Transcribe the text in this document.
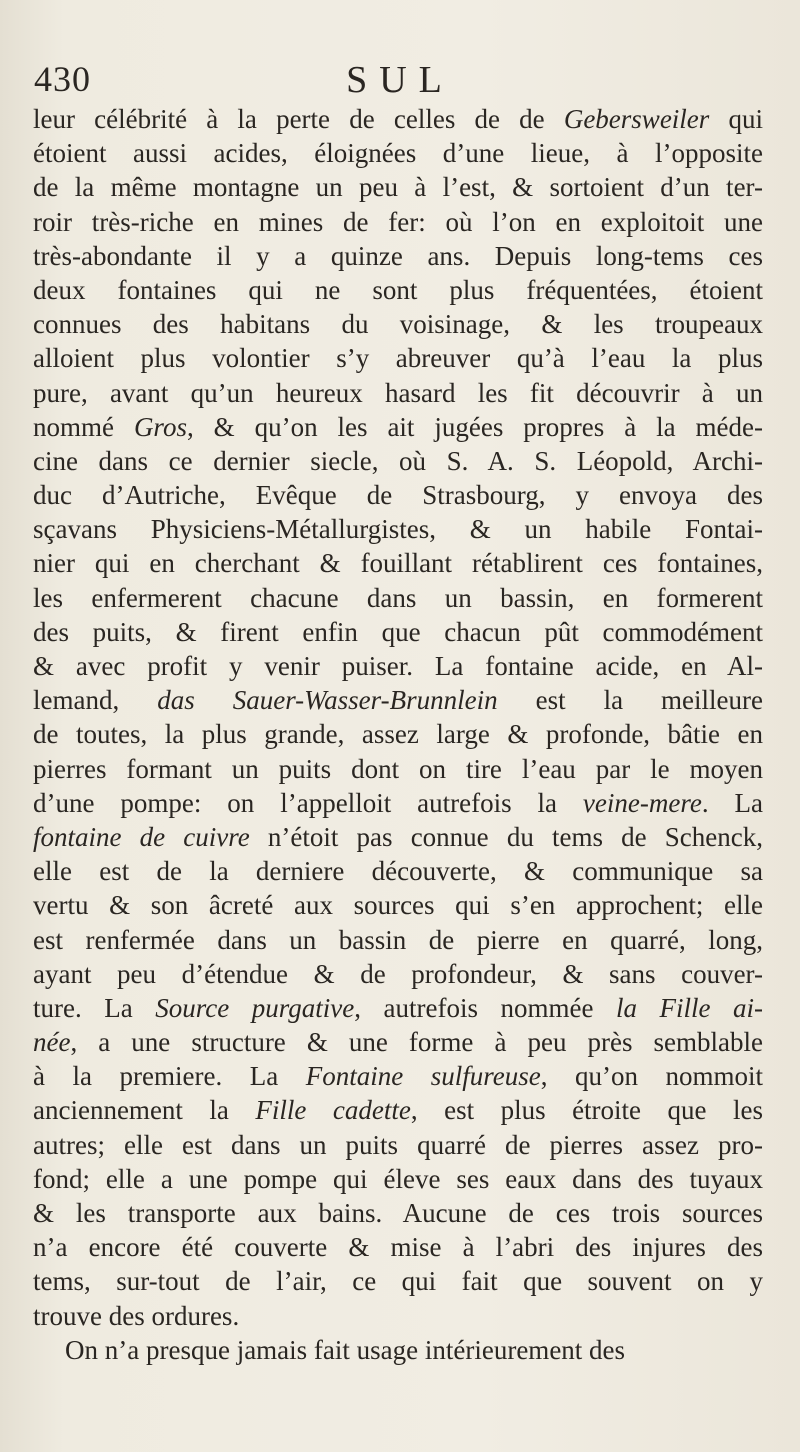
430	SUL
leur célébrité à la perte de celles de de Gebersweiler qui
étoient aussi acides, éloignées d’une lieue, à l’opposite
de la même montagne un peu à l’est, & sortoient d’un ter-
roir très-riche en mines de fer: où l’on en exploitoit une
très-abondante il y a quinze ans. Depuis long-tems ces
deux fontaines qui ne sont plus fréquentées, étoient
connues des habitans du voisinage, & les troupeaux
alloient plus volontier s’y abreuver qu’à l’eau la plus
pure, avant qu’un heureux hasard les fit découvrir à un
nommé Gros, & qu’on les ait jugées propres à la méde-
cine dans ce dernier siecle, où S. A. S. Léopold, Archi-
duc d’Autriche, Evêque de Strasbourg, y envoya des
sçavans Physiciens-Métallurgistes, & un habile Fontai-
nier qui en cherchant & fouillant rétablirent ces fontaines,
les enfermerent chacune dans un bassin, en formerent
des puits, & firent enfin que chacun pût commodément
& avec profit y venir puiser. La fontaine acide, en Al-
lemand, das Sauer-Wasser-Brunnlein est la meilleure
de toutes, la plus grande, assez large & profonde, bâtie en
pierres formant un puits dont on tire l’eau par le moyen
d’une pompe: on l’appelloit autrefois la veine-mere. La
fontaine de cuivre n’étoit pas connue du tems de Schenck,
elle est de la derniere découverte, & communique sa
vertu & son âcreté aux sources qui s’en approchent; elle
est renfermée dans un bassin de pierre en quarré, long,
ayant peu d’étendue & de profondeur, & sans couver-
ture. La Source purgative, autrefois nommée la Fille ai-
née, a une structure & une forme à peu près semblable
à la premiere. La Fontaine sulfureuse, qu’on nommoit
anciennement la Fille cadette, est plus étroite que les
autres; elle est dans un puits quarré de pierres assez pro-
fond; elle a une pompe qui éleve ses eaux dans des tuyaux
& les transporte aux bains. Aucune de ces trois sources
n’a encore été couverte & mise à l’abri des injures des
tems, sur-tout de l’air, ce qui fait que souvent on y
trouve des ordures.
On n’a presque jamais fait usage intérieurement des
